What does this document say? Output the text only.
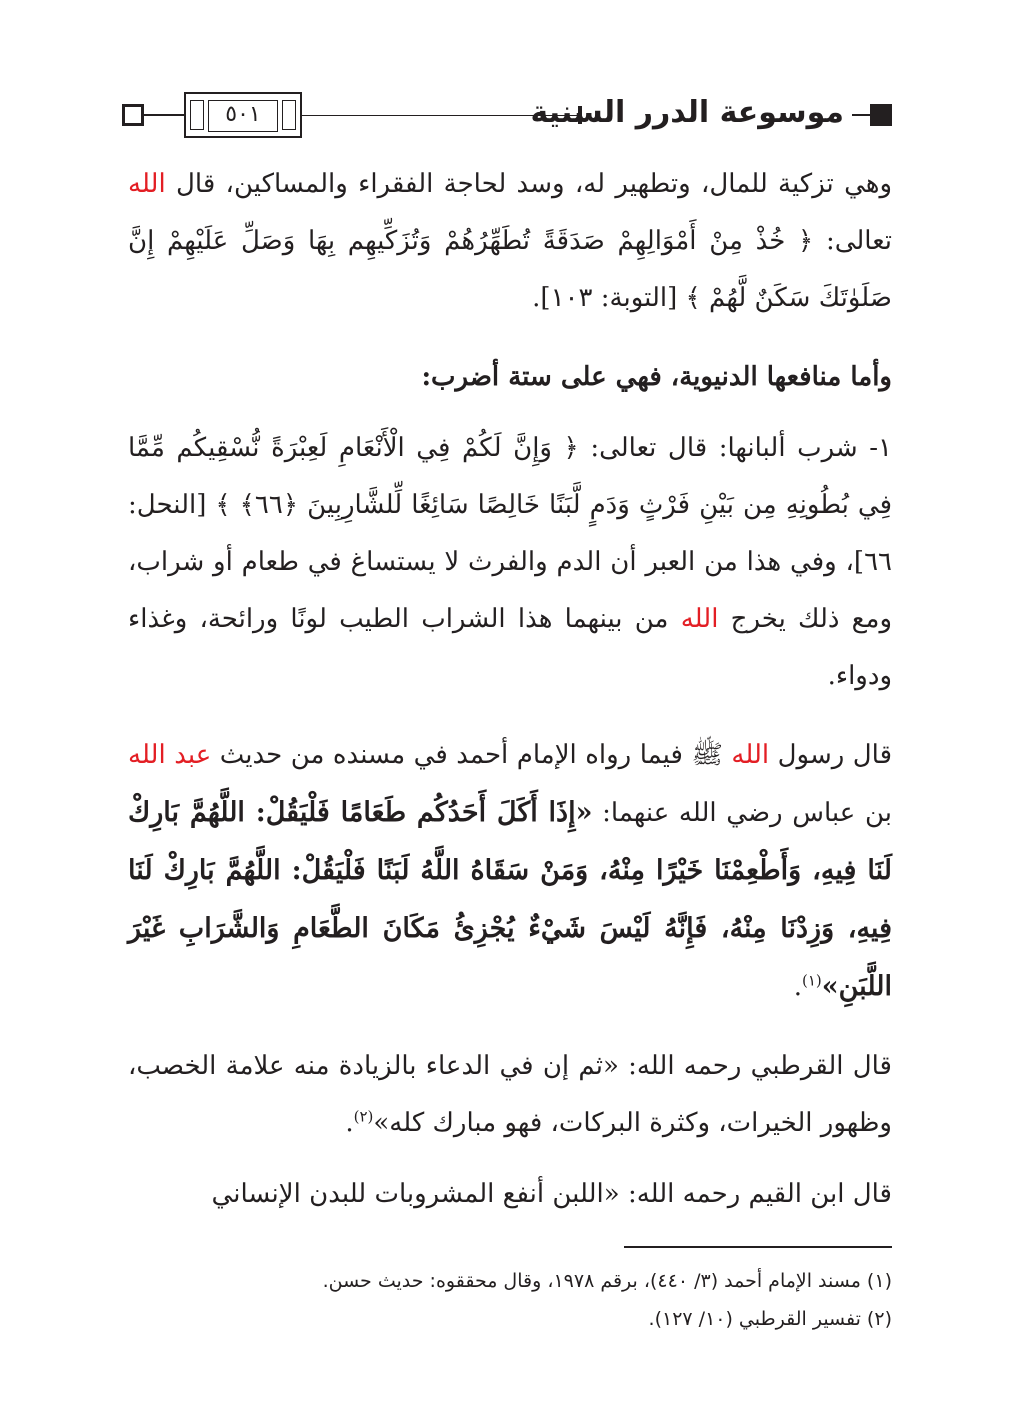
٥٠١	موسوعة الدرر السنية

وهي تزكية للمال، وتطهير له، وسد لحاجة الفقراء والمساكين، قال الله تعالى: ﴿ خُذْ مِنْ أَمْوَالِهِمْ صَدَقَةً تُطَهِّرُهُمْ وَتُزَكِّيهِم بِهَا وَصَلِّ عَلَيْهِمْ إِنَّ صَلَوٰتَكَ سَكَنٌ لَّهُمْ ﴾ [التوبة: ١٠٣].

وأما منافعها الدنيوية، فهي على ستة أضرب:

١- شرب ألبانها: قال تعالى: ﴿ وَإِنَّ لَكُمْ فِي الْأَنْعَامِ لَعِبْرَةً نُّسْقِيكُم مِّمَّا فِي بُطُونِهِ مِن بَيْنِ فَرْثٍ وَدَمٍ لَّبَنًا خَالِصًا سَائِغًا لِّلشَّارِبِينَ ﴿٦٦﴾ ﴾ [النحل: ٦٦]، وفي هذا من العبر أن الدم والفرث لا يستساغ في طعام أو شراب، ومع ذلك يخرج الله من بينهما هذا الشراب الطيب لونًا ورائحة، وغذاء ودواء.

قال رسول الله ﷺ فيما رواه الإمام أحمد في مسنده من حديث عبد الله بن عباس رضي الله عنهما: «إِذَا أَكَلَ أَحَدُكُم طَعَامًا فَلْيَقُلْ: اللَّهُمَّ بَارِكْ لَنَا فِيهِ، وَأَطْعِمْنَا خَيْرًا مِنْهُ، وَمَنْ سَقَاهُ اللَّهُ لَبَنًا فَلْيَقُلْ: اللَّهُمَّ بَارِكْ لَنَا فِيهِ، وَزِدْنَا مِنْهُ، فَإِنَّهُ لَيْسَ شَيْءٌ يُجْزِئُ مَكَانَ الطَّعَامِ وَالشَّرَابِ غَيْرَ اللَّبَنِ»$^{(١)}$.

قال القرطبي رحمه الله: «ثم إن في الدعاء بالزيادة منه علامة الخصب، وظهور الخيرات، وكثرة البركات، فهو مبارك كله»$^{(٢)}$.

قال ابن القيم رحمه الله: «اللبن أنفع المشروبات للبدن الإنساني

(١) مسند الإمام أحمد (٣/ ٤٤٠)، برقم ١٩٧٨، وقال محققوه: حديث حسن.

(٢) تفسير القرطبي (١٠/ ١٢٧).
